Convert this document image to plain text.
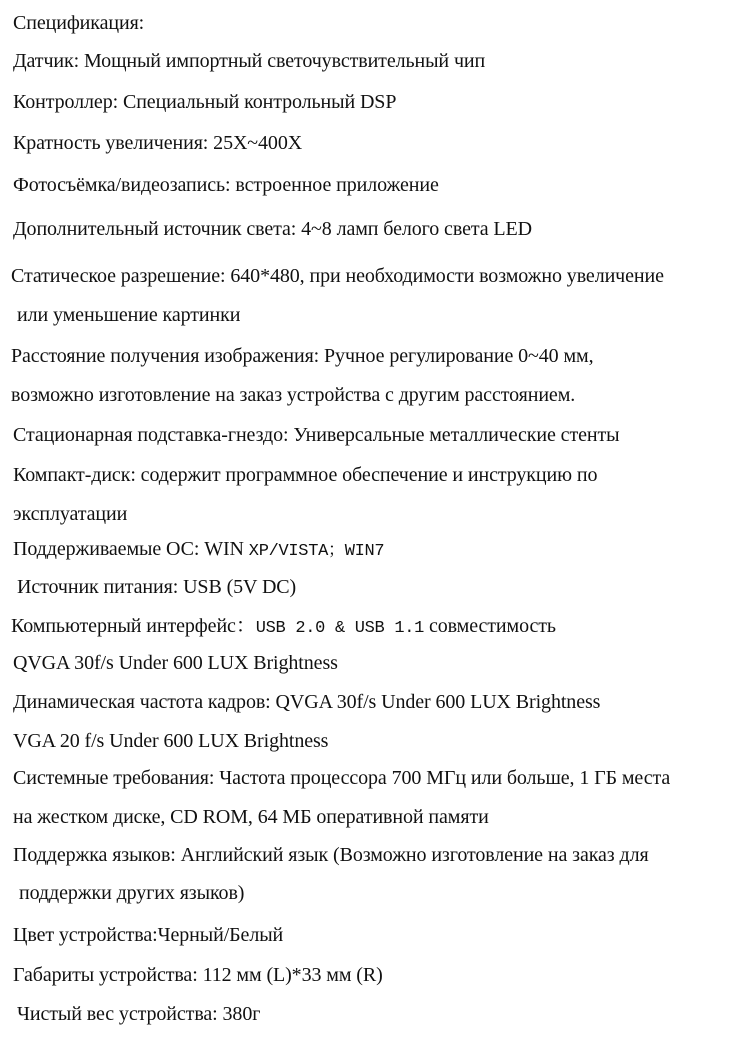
Спецификация:
Датчик: Мощный импортный светочувствительный чип
Контроллер: Специальный контрольный DSP
Кратность увеличения: 25X~400X
Фотосъёмка/видеозапись: встроенное приложение
Дополнительный источник света: 4~8 ламп белого света LED
Статическое разрешение: 640*480, при необходимости возможно увеличение
или уменьшение картинки
Расстояние получения изображения: Ручное регулирование 0~40 мм,
возможно изготовление на заказ устройства с другим расстоянием.
Стационарная подставка-гнездо: Универсальные металлические стенты
Компакт-диск: содержит программное обеспечение и инструкцию по
эксплуатации
Поддерживаемые ОС: WIN XP/VISTA；WIN7
Источник питания: USB (5V DC)
Компьютерный интерфейс：USB 2.0 & USB 1.1 совместимость
QVGA 30f/s Under 600 LUX Brightness
Динамическая частота кадров: QVGA 30f/s Under 600 LUX Brightness
VGA 20 f/s Under 600 LUX Brightness
Системные требования: Частота процессора 700 МГц или больше, 1 ГБ места
на жестком диске, CD ROM, 64 МБ оперативной памяти
Поддержка языков: Английский язык (Возможно изготовление на заказ для
поддержки других языков)
Цвет устройства:Черный/Белый
Габариты устройства: 112 мм (L)*33 мм (R)
Чистый вес устройства: 380г
